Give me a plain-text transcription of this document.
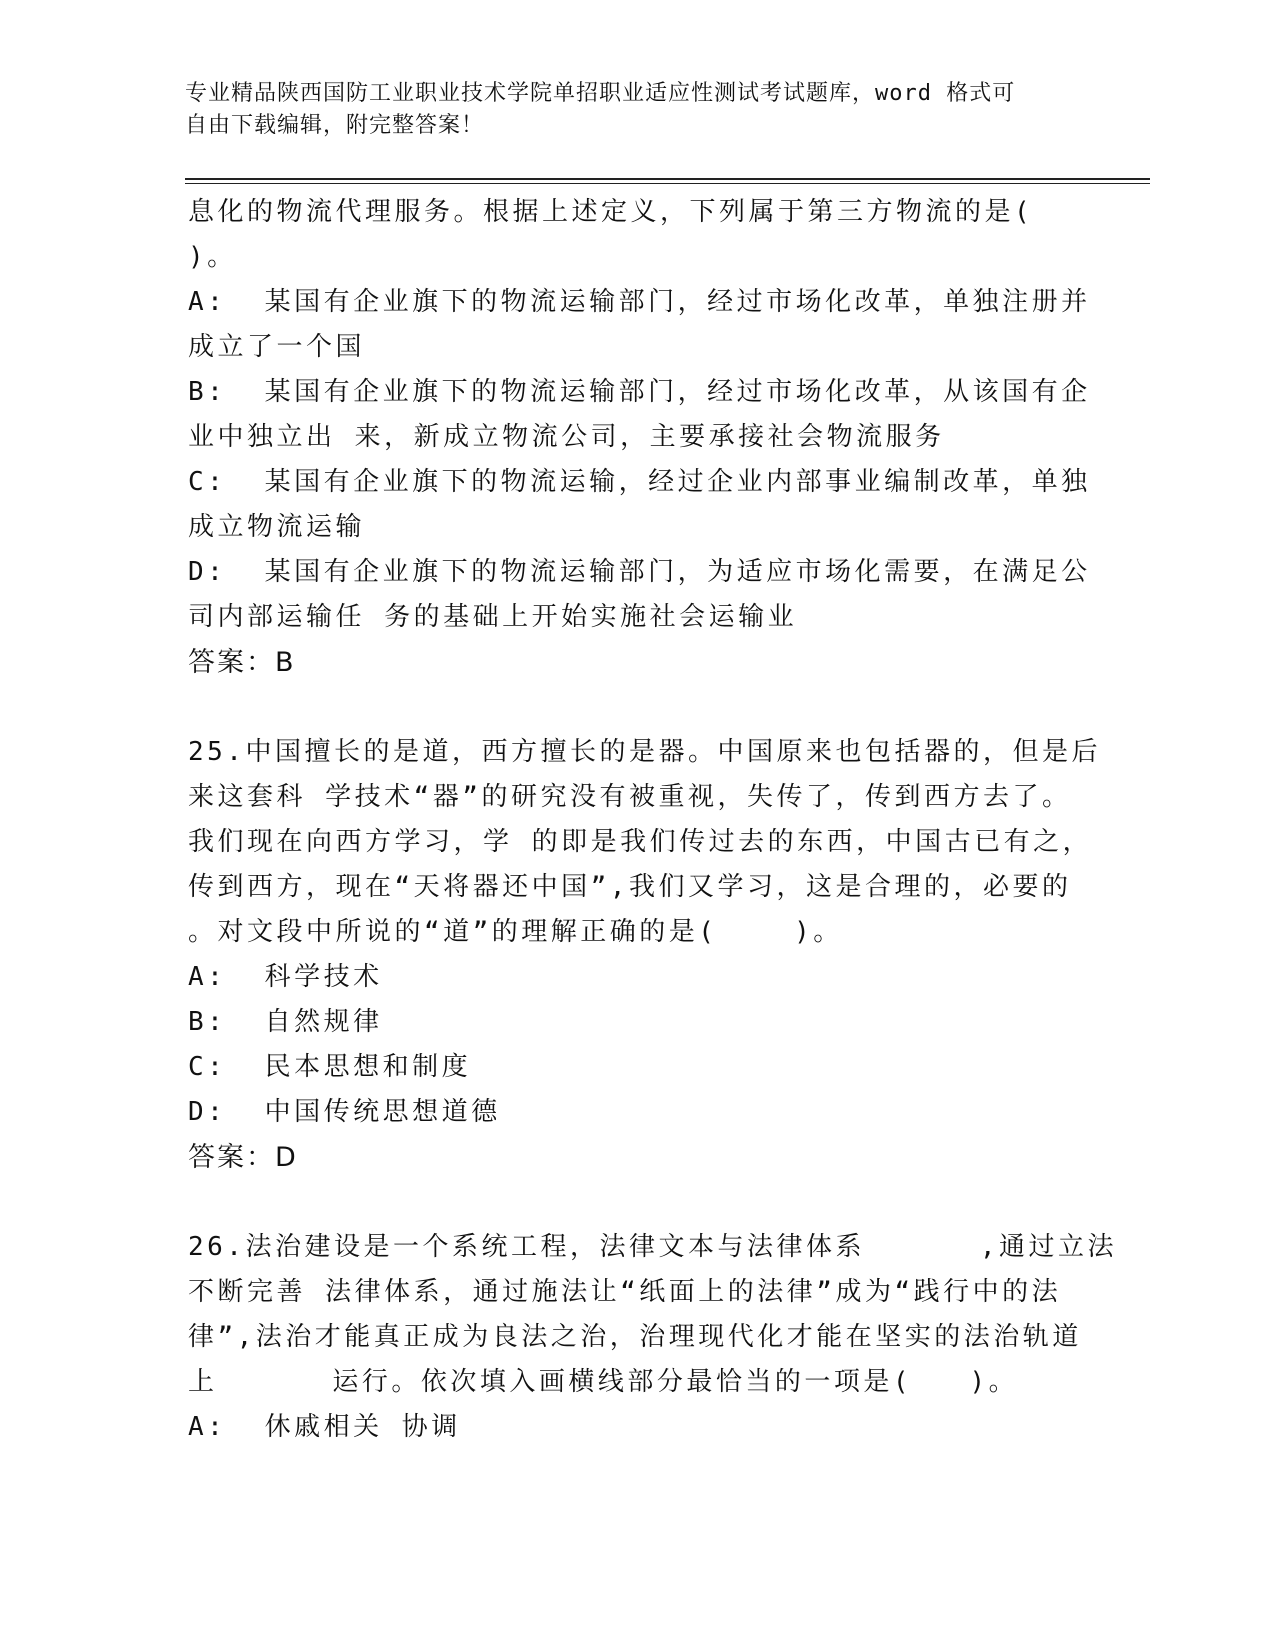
专业精品陕西国防工业职业技术学院单招职业适应性测试考试题库，word 格式可
自由下载编辑，附完整答案！
息化的物流代理服务。根据上述定义，下列属于第三方物流的是(
)。
A:  某国有企业旗下的物流运输部门，经过市场化改革，单独注册并
成立了一个国
B:  某国有企业旗下的物流运输部门，经过市场化改革，从该国有企
业中独立出 来，新成立物流公司，主要承接社会物流服务
C:  某国有企业旗下的物流运输，经过企业内部事业编制改革，单独
成立物流运输
D:  某国有企业旗下的物流运输部门，为适应市场化需要，在满足公
司内部运输任 务的基础上开始实施社会运输业
答案：B
25.中国擅长的是道，西方擅长的是器。中国原来也包括器的，但是后
来这套科 学技术“器”的研究没有被重视，失传了，传到西方去了。
我们现在向西方学习，学 的即是我们传过去的东西，中国古已有之，
传到西方，现在“天将器还中国”,我们又学习，这是合理的，必要的
。对文段中所说的“道”的理解正确的是(    )。
A:  科学技术
B:  自然规律
C:  民本思想和制度
D:  中国传统思想道德
答案：D
26.法治建设是一个系统工程，法律文本与法律体系      ,通过立法
不断完善 法律体系，通过施法让“纸面上的法律”成为“践行中的法
律”,法治才能真正成为良法之治，治理现代化才能在坚实的法治轨道
上      运行。依次填入画横线部分最恰当的一项是(   )。
A:  休戚相关 协调
